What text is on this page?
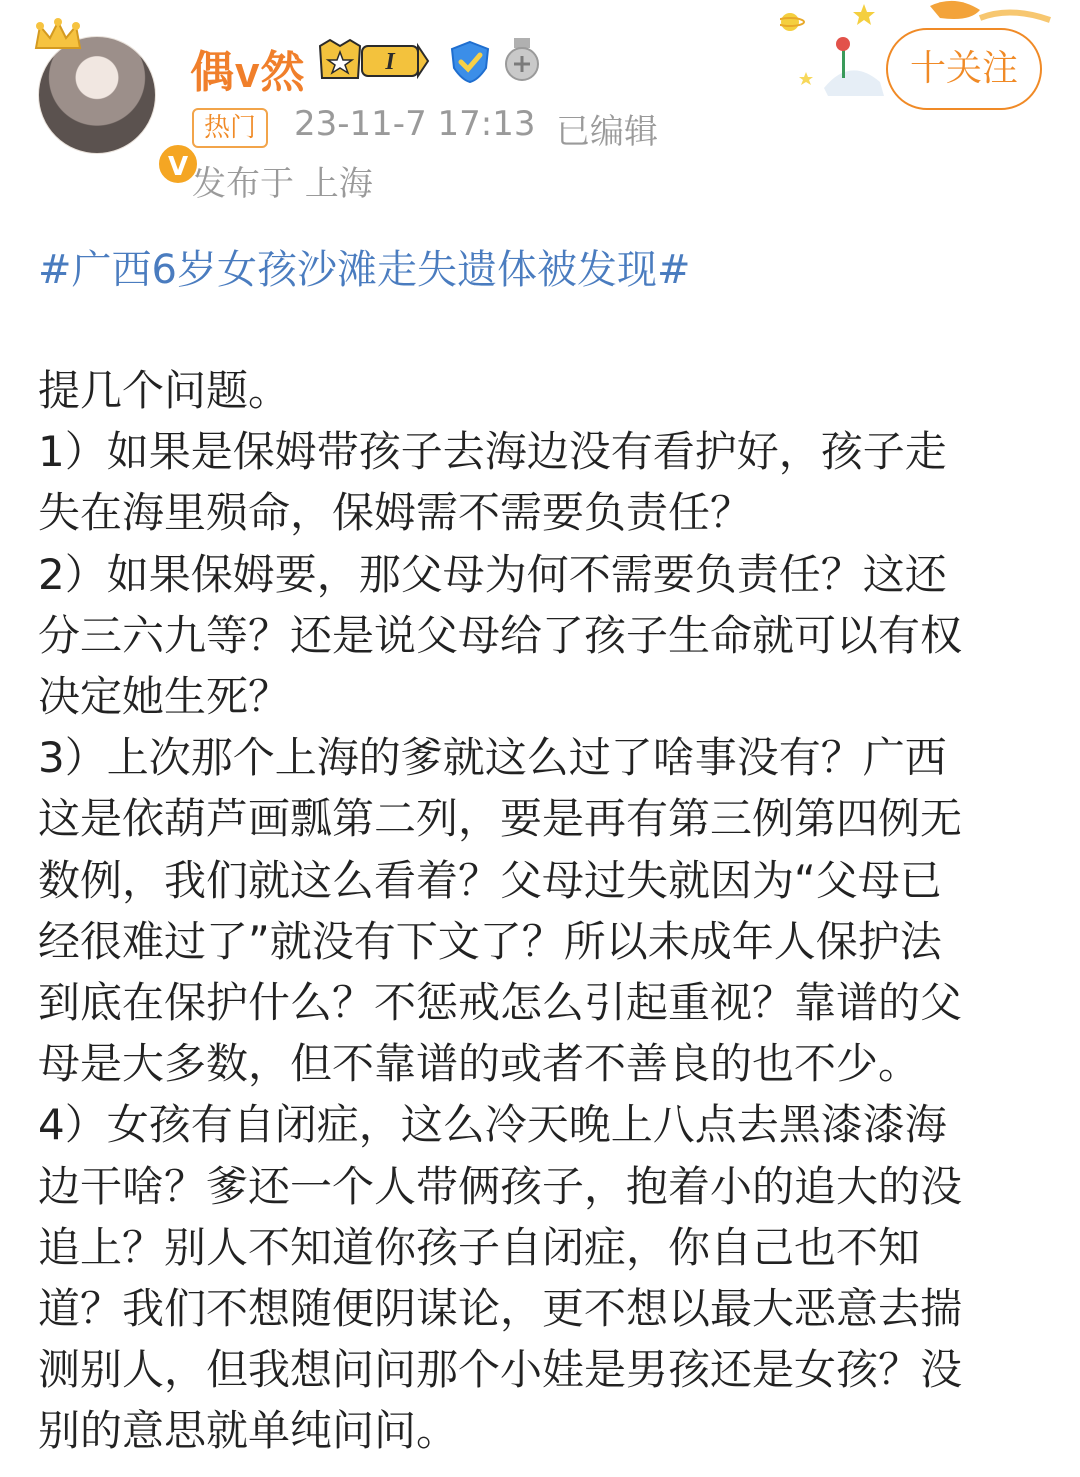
V
偶v然	I
热门	23-11-7 17:13 已编辑
发布于 上海
十关注
#广西6岁女孩沙滩走失遗体被发现#
提几个问题。
1）如果是保姆带孩子去海边没有看护好，孩子走
失在海里殒命，保姆需不需要负责任？
2）如果保姆要，那父母为何不需要负责任？这还
分三六九等？还是说父母给了孩子生命就可以有权
决定她生死？
3）上次那个上海的爹就这么过了啥事没有？广西
这是依葫芦画瓢第二列，要是再有第三例第四例无
数例，我们就这么看着？父母过失就因为“父母已
经很难过了”就没有下文了？所以未成年人保护法
到底在保护什么？不惩戒怎么引起重视？靠谱的父
母是大多数，但不靠谱的或者不善良的也不少。
4）女孩有自闭症，这么冷天晚上八点去黑漆漆海
边干啥？爹还一个人带俩孩子，抱着小的追大的没
追上？别人不知道你孩子自闭症，你自己也不知
道？我们不想随便阴谋论，更不想以最大恶意去揣
测别人，但我想问问那个小娃是男孩还是女孩？没
别的意思就单纯问问。
